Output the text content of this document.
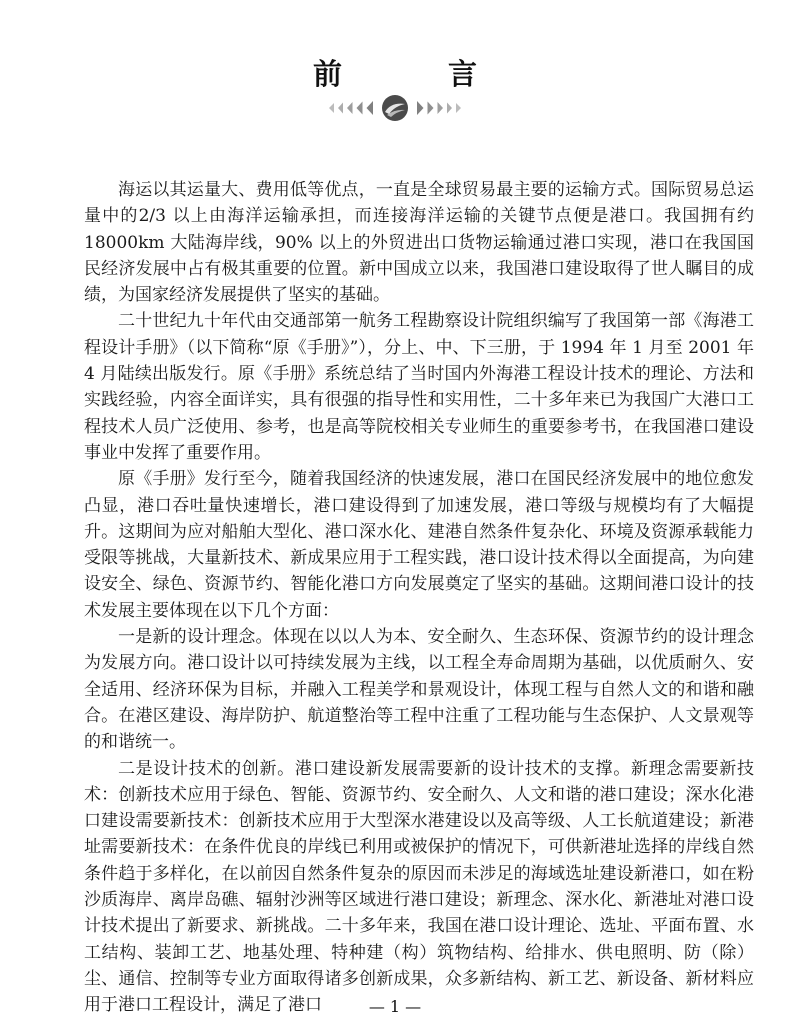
前 言

海运以其运量大、费用低等优点，一直是全球贸易最主要的运输方式。国际贸易总运量中的2/3 以上由海洋运输承担，而连接海洋运输的关键节点便是港口。我国拥有约 18000km 大陆海岸线，90% 以上的外贸进出口货物运输通过港口实现，港口在我国国民经济发展中占有极其重要的位置。新中国成立以来，我国港口建设取得了世人瞩目的成绩，为国家经济发展提供了坚实的基础。

二十世纪九十年代由交通部第一航务工程勘察设计院组织编写了我国第一部《海港工程设计手册》（以下简称“原《手册》”），分上、中、下三册，于 1994 年 1 月至 2001 年 4 月陆续出版发行。原《手册》系统总结了当时国内外海港工程设计技术的理论、方法和实践经验，内容全面详实，具有很强的指导性和实用性，二十多年来已为我国广大港口工程技术人员广泛使用、参考，也是高等院校相关专业师生的重要参考书，在我国港口建设事业中发挥了重要作用。

原《手册》发行至今，随着我国经济的快速发展，港口在国民经济发展中的地位愈发凸显，港口吞吐量快速增长，港口建设得到了加速发展，港口等级与规模均有了大幅提升。这期间为应对船舶大型化、港口深水化、建港自然条件复杂化、环境及资源承载能力受限等挑战，大量新技术、新成果应用于工程实践，港口设计技术得以全面提高，为向建设安全、绿色、资源节约、智能化港口方向发展奠定了坚实的基础。这期间港口设计的技术发展主要体现在以下几个方面：

一是新的设计理念。体现在以以人为本、安全耐久、生态环保、资源节约的设计理念为发展方向。港口设计以可持续发展为主线，以工程全寿命周期为基础，以优质耐久、安全适用、经济环保为目标，并融入工程美学和景观设计，体现工程与自然人文的和谐和融合。在港区建设、海岸防护、航道整治等工程中注重了工程功能与生态保护、人文景观等的和谐统一。

二是设计技术的创新。港口建设新发展需要新的设计技术的支撑。新理念需要新技术：创新技术应用于绿色、智能、资源节约、安全耐久、人文和谐的港口建设；深水化港口建设需要新技术：创新技术应用于大型深水港建设以及高等级、人工长航道建设；新港址需要新技术：在条件优良的岸线已利用或被保护的情况下，可供新港址选择的岸线自然条件趋于多样化，在以前因自然条件复杂的原因而未涉足的海域选址建设新港口，如在粉沙质海岸、离岸岛礁、辐射沙洲等区域进行港口建设；新理念、深水化、新港址对港口设计技术提出了新要求、新挑战。二十多年来，我国在港口设计理论、选址、平面布置、水工结构、装卸工艺、地基处理、特种建（构）筑物结构、给排水、供电照明、防（除）尘、通信、控制等专业方面取得诸多创新成果，众多新结构、新工艺、新设备、新材料应用于港口工程设计，满足了港口	— 1 —
